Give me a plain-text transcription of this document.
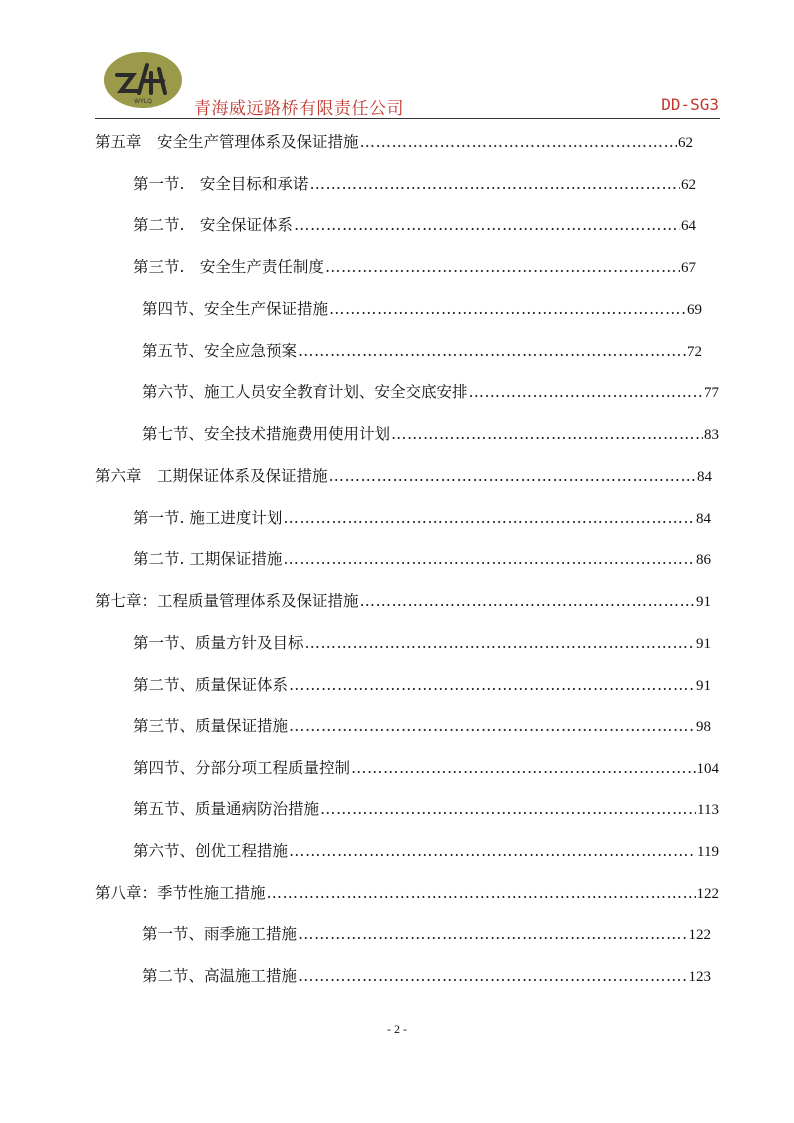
WYLQ 青海威远路桥有限责任公司	DD-SG3
第五章　安全生产管理体系及保证措施 ……………………………………………………………………………………………………………………………………………………………………	62
第一节.　安全目标和承诺 ……………………………………………………………………………………………………………………………………………………………………	62
第二节.　安全保证体系 ……………………………………………………………………………………………………………………………………………………………………	64
第三节.　安全生产责任制度 ……………………………………………………………………………………………………………………………………………………………………	67
第四节、安全生产保证措施 ……………………………………………………………………………………………………………………………………………………………………	69
第五节、安全应急预案 ……………………………………………………………………………………………………………………………………………………………………	72
第六节、施工人员安全教育计划、安全交底安排 ……………………………………………………………………………………………………………………………………………………………………	77
第七节、安全技术措施费用使用计划 ……………………………………………………………………………………………………………………………………………………………………	83
第六章　工期保证体系及保证措施 ……………………………………………………………………………………………………………………………………………………………………	84
第一节. 施工进度计划 ……………………………………………………………………………………………………………………………………………………………………	84
第二节. 工期保证措施 ……………………………………………………………………………………………………………………………………………………………………	86
第七章：工程质量管理体系及保证措施 ……………………………………………………………………………………………………………………………………………………………………	91
第一节、质量方针及目标 ……………………………………………………………………………………………………………………………………………………………………	91
第二节、质量保证体系 ……………………………………………………………………………………………………………………………………………………………………	91
第三节、质量保证措施 ……………………………………………………………………………………………………………………………………………………………………	98
第四节、分部分项工程质量控制 ……………………………………………………………………………………………………………………………………………………………………	104
第五节、质量通病防治措施 ……………………………………………………………………………………………………………………………………………………………………	113
第六节、创优工程措施 ……………………………………………………………………………………………………………………………………………………………………	119
第八章：季节性施工措施 ……………………………………………………………………………………………………………………………………………………………………	122
第一节、雨季施工措施 ……………………………………………………………………………………………………………………………………………………………………	122
第二节、高温施工措施 ……………………………………………………………………………………………………………………………………………………………………	123
- 2 -
